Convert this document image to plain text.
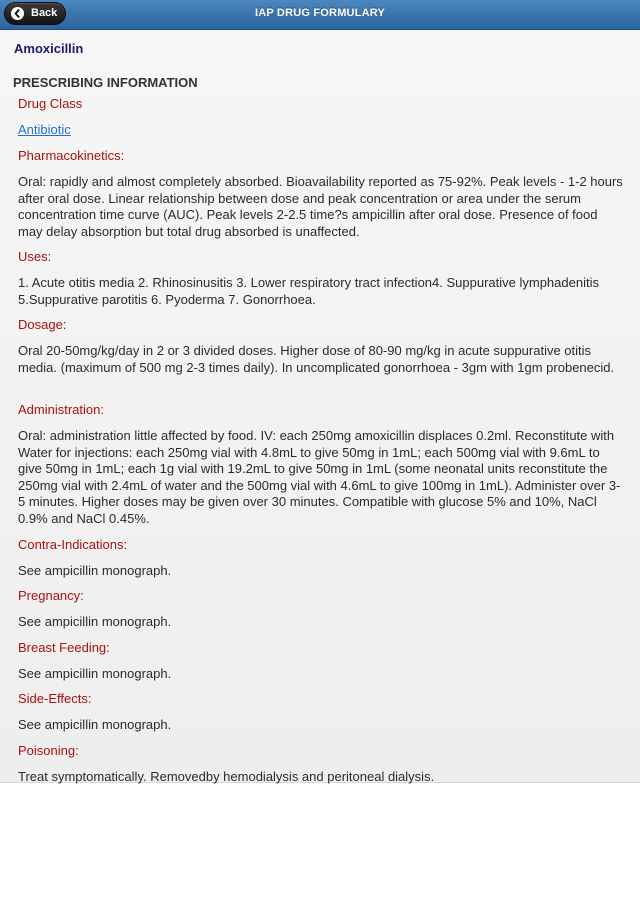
Back	IAP DRUG FORMULARY
Amoxicillin
PRESCRIBING INFORMATION
Drug Class
Antibiotic
Pharmacokinetics:
Oral: rapidly and almost completely absorbed. Bioavailability reported as 75-92%. Peak levels - 1-2 hours after oral dose. Linear relationship between dose and peak concentration or area under the serum concentration time curve (AUC). Peak levels 2-2.5 time?s ampicillin after oral dose. Presence of food may delay absorption but total drug absorbed is unaffected.
Uses:
1. Acute otitis media 2. Rhinosinusitis 3. Lower respiratory tract infection4. Suppurative lymphadenitis 5.Suppurative parotitis 6. Pyoderma 7. Gonorrhoea.
Dosage:
Oral 20-50mg/kg/day in 2 or 3 divided doses. Higher dose of 80-90 mg/kg in acute suppurative otitis media. (maximum of 500 mg 2-3 times daily). In uncomplicated gonorrhoea - 3gm with 1gm probenecid.
Administration:
Oral: administration little affected by food. IV: each 250mg amoxicillin displaces 0.2ml. Reconstitute with Water for injections: each 250mg vial with 4.8mL to give 50mg in 1mL; each 500mg vial with 9.6mL to give 50mg in 1mL; each 1g vial with 19.2mL to give 50mg in 1mL (some neonatal units reconstitute the 250mg vial with 2.4mL of water and the 500mg vial with 4.6mL to give 100mg in 1mL). Administer over 3-5 minutes. Higher doses may be given over 30 minutes. Compatible with glucose 5% and 10%, NaCl 0.9% and NaCl 0.45%.
Contra-Indications:
See ampicillin monograph.
Pregnancy:
See ampicillin monograph.
Breast Feeding:
See ampicillin monograph.
Side-Effects:
See ampicillin monograph.
Poisoning:
Treat symptomatically. Removedby hemodialysis and peritoneal dialysis.
